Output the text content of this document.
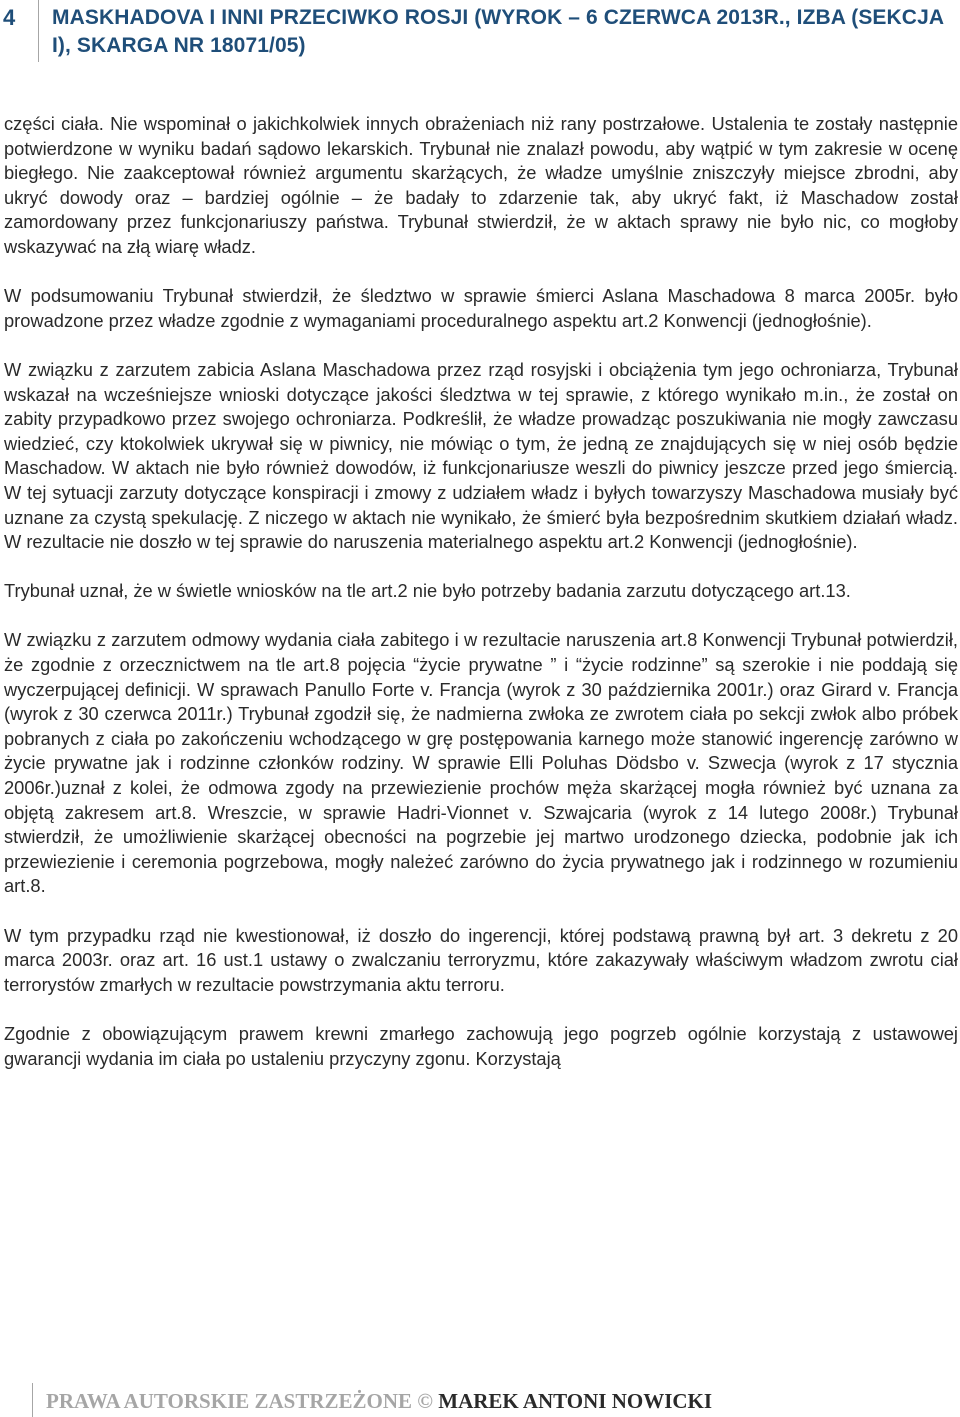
4	MASKHADOVA I INNI PRZECIWKO ROSJI (WYROK – 6 CZERWCA 2013R., IZBA (SEKCJA I), SKARGA NR 18071/05)

części ciała. Nie wspominał o jakichkolwiek innych obrażeniach niż rany postrzałowe. Ustalenia te zostały następnie potwierdzone w wyniku badań sądowo lekarskich. Trybunał nie znalazł powodu, aby wątpić w tym zakresie w ocenę biegłego. Nie zaakceptował również argumentu skarżących, że władze umyślnie zniszczyły miejsce zbrodni, aby ukryć dowody oraz – bardziej ogólnie – że badały to zdarzenie tak, aby ukryć fakt, iż Maschadow został zamordowany przez funkcjonariuszy państwa. Trybunał stwierdził, że w aktach sprawy nie było nic, co mogłoby wskazywać na złą wiarę władz.

W podsumowaniu Trybunał stwierdził, że śledztwo w sprawie śmierci Aslana Maschadowa 8 marca 2005r. było prowadzone przez władze zgodnie z wymaganiami proceduralnego aspektu art.2 Konwencji (jednogłośnie).

W związku z zarzutem zabicia Aslana Maschadowa przez rząd rosyjski i obciążenia tym jego ochroniarza, Trybunał wskazał na wcześniejsze wnioski dotyczące jakości śledztwa w tej sprawie, z którego wynikało m.in., że został on zabity przypadkowo przez swojego ochroniarza. Podkreślił, że władze prowadząc poszukiwania nie mogły zawczasu wiedzieć, czy ktokolwiek ukrywał się w piwnicy, nie mówiąc o tym, że jedną ze znajdujących się w niej osób będzie Maschadow. W aktach nie było również dowodów, iż funkcjonariusze weszli do piwnicy jeszcze przed jego śmiercią. W tej sytuacji zarzuty dotyczące konspiracji i zmowy z udziałem władz i byłych towarzyszy Maschadowa musiały być uznane za czystą spekulację. Z niczego w aktach nie wynikało, że śmierć była bezpośrednim skutkiem działań władz. W rezultacie nie doszło w tej sprawie do naruszenia materialnego aspektu art.2 Konwencji (jednogłośnie).

Trybunał uznał, że w świetle wniosków na tle art.2 nie było potrzeby badania zarzutu dotyczącego art.13.

W związku z zarzutem odmowy wydania ciała zabitego i w rezultacie naruszenia art.8 Konwencji Trybunał potwierdził, że zgodnie z orzecznictwem na tle art.8 pojęcia “życie prywatne ” i “życie rodzinne” są szerokie i nie poddają się wyczerpującej definicji. W sprawach Panullo Forte v. Francja (wyrok z 30 października 2001r.) oraz Girard v. Francja (wyrok z 30 czerwca 2011r.) Trybunał zgodził się, że nadmierna zwłoka ze zwrotem ciała po sekcji zwłok albo próbek pobranych z ciała po zakończeniu wchodzącego w grę postępowania karnego może stanowić ingerencję zarówno w życie prywatne jak i rodzinne członków rodziny. W sprawie Elli Poluhas Dödsbo v. Szwecja (wyrok z 17 stycznia 2006r.)uznał z kolei, że odmowa zgody na przewiezienie prochów męża skarżącej mogła również być uznana za objętą zakresem art.8. Wreszcie, w sprawie Hadri-Vionnet v. Szwajcaria (wyrok z 14 lutego 2008r.) Trybunał stwierdził, że umożliwienie skarżącej obecności na pogrzebie jej martwo urodzonego dziecka, podobnie jak ich przewiezienie i ceremonia pogrzebowa, mogły należeć zarówno do życia prywatnego jak i rodzinnego w rozumieniu art.8.

W tym przypadku rząd nie kwestionował, iż doszło do ingerencji, której podstawą prawną był art. 3 dekretu z 20 marca 2003r. oraz art. 16 ust.1 ustawy o zwalczaniu terroryzmu, które zakazywały właściwym władzom zwrotu ciał terrorystów zmarłych w rezultacie powstrzymania aktu terroru.

Zgodnie z obowiązującym prawem krewni zmarłego zachowują jego pogrzeb ogólnie korzystają z ustawowej gwarancji wydania im ciała po ustaleniu przyczyny zgonu. Korzystają

PRAWA AUTORSKIE ZASTRZEŻONE © MAREK ANTONI NOWICKI
